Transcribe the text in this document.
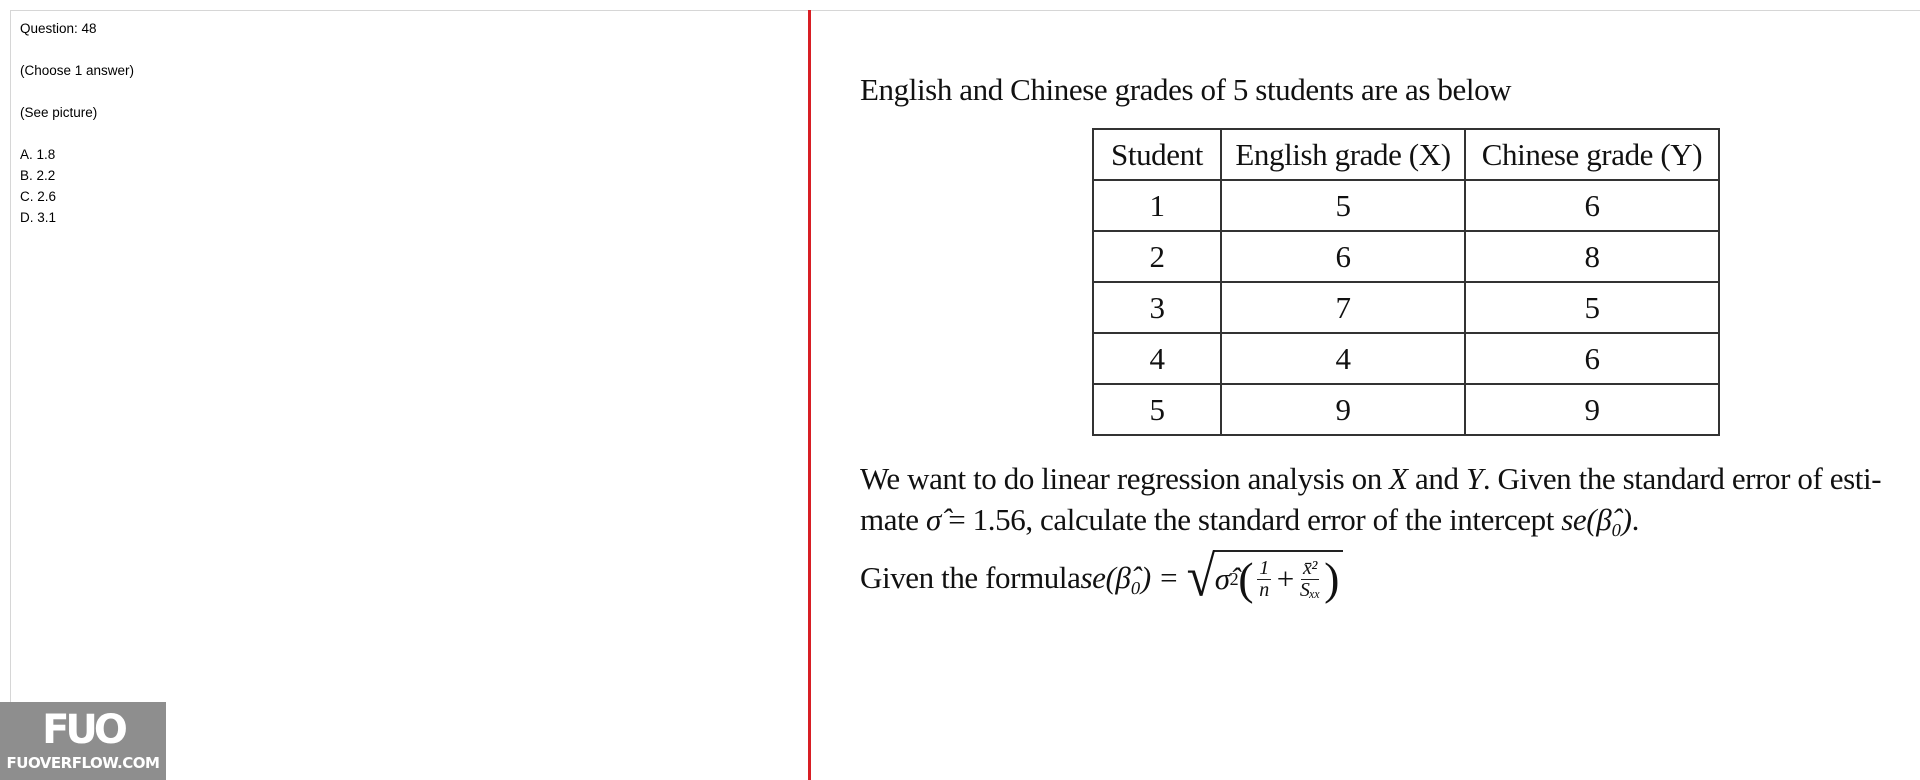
Question: 48

(Choose 1 answer)

(See picture)

A. 1.8

B. 2.2

C. 2.6

D. 3.1

English and Chinese grades of 5 students are as below
Student	English grade (X)	Chinese grade (Y)
1	5	6
2	6	8
3	7	5
4	4	6
5	9	9
We want to do linear regression analysis on X and Y. Given the standard error of esti-
mate σ̂ = 1.56, calculate the standard error of the intercept se(β̂₀).
Given the formula se(β̂₀) = √ σ̂ 2 ( $\frac{1}{n} + \frac{\text{x̄²}}{\text{Sₓₓ}}$ )
FUO
FUOVERFLOW.COM
